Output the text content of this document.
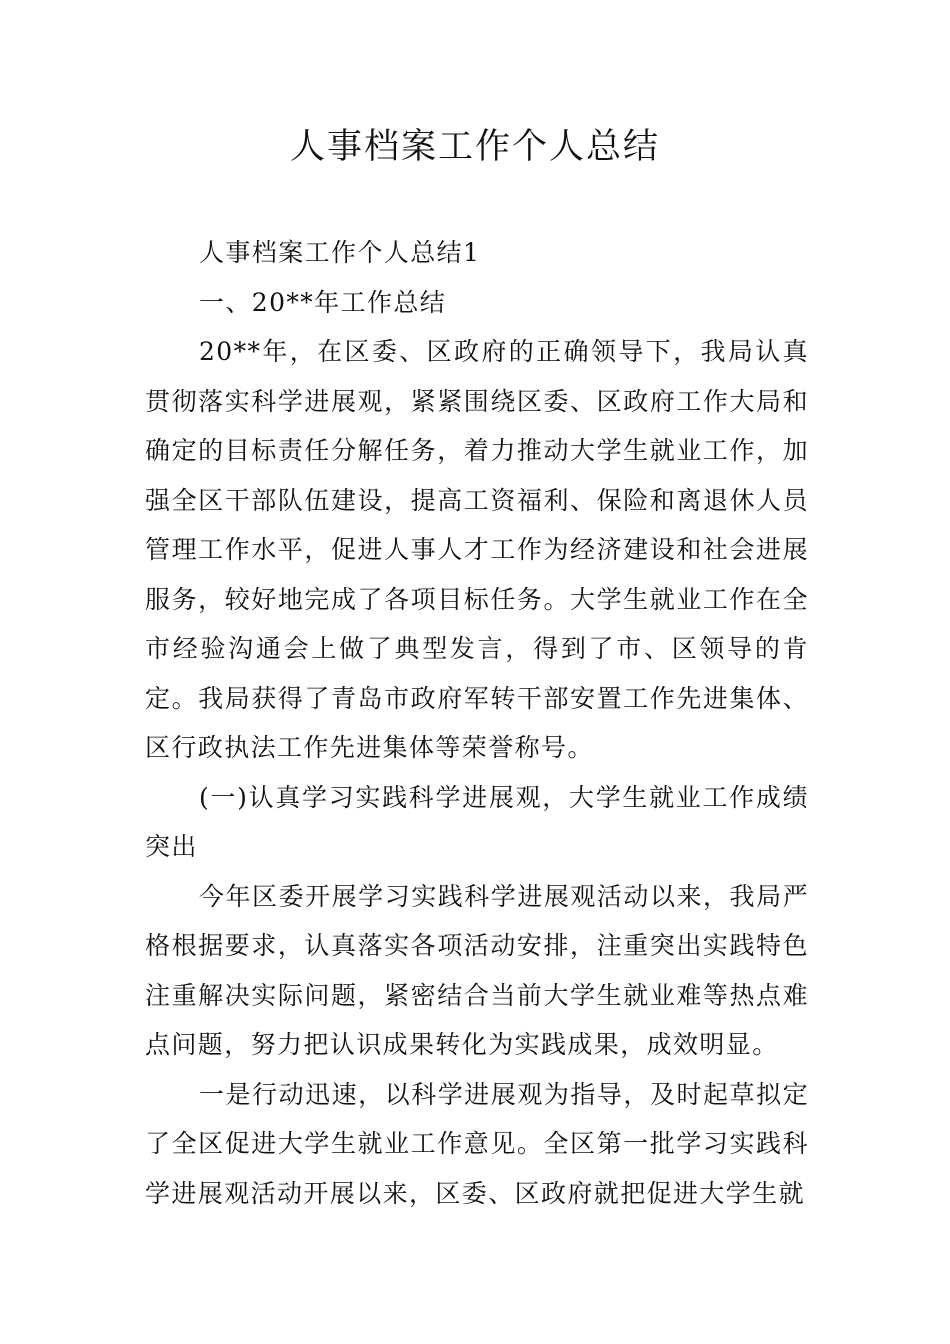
人事档案工作个人总结

人事档案工作个人总结1

一、20**年工作总结

20**年，在区委、区政府的正确领导下，我局认真贯彻落实科学进展观，紧紧围绕区委、区政府工作大局和确定的目标责任分解任务，着力推动大学生就业工作，加强全区干部队伍建设，提高工资福利、保险和离退休人员管理工作水平，促进人事人才工作为经济建设和社会进展服务，较好地完成了各项目标任务。大学生就业工作在全市经验沟通会上做了典型发言，得到了市、区领导的肯定。我局获得了青岛市政府军转干部安置工作先进集体、区行政执法工作先进集体等荣誉称号。

(一)认真学习实践科学进展观，大学生就业工作成绩突出

今年区委开展学习实践科学进展观活动以来，我局严格根据要求，认真落实各项活动安排，注重突出实践特色注重解决实际问题，紧密结合当前大学生就业难等热点难点问题，努力把认识成果转化为实践成果，成效明显。

一是行动迅速，以科学进展观为指导，及时起草拟定了全区促进大学生就业工作意见。全区第一批学习实践科学进展观活动开展以来，区委、区政府就把促进大学生就
